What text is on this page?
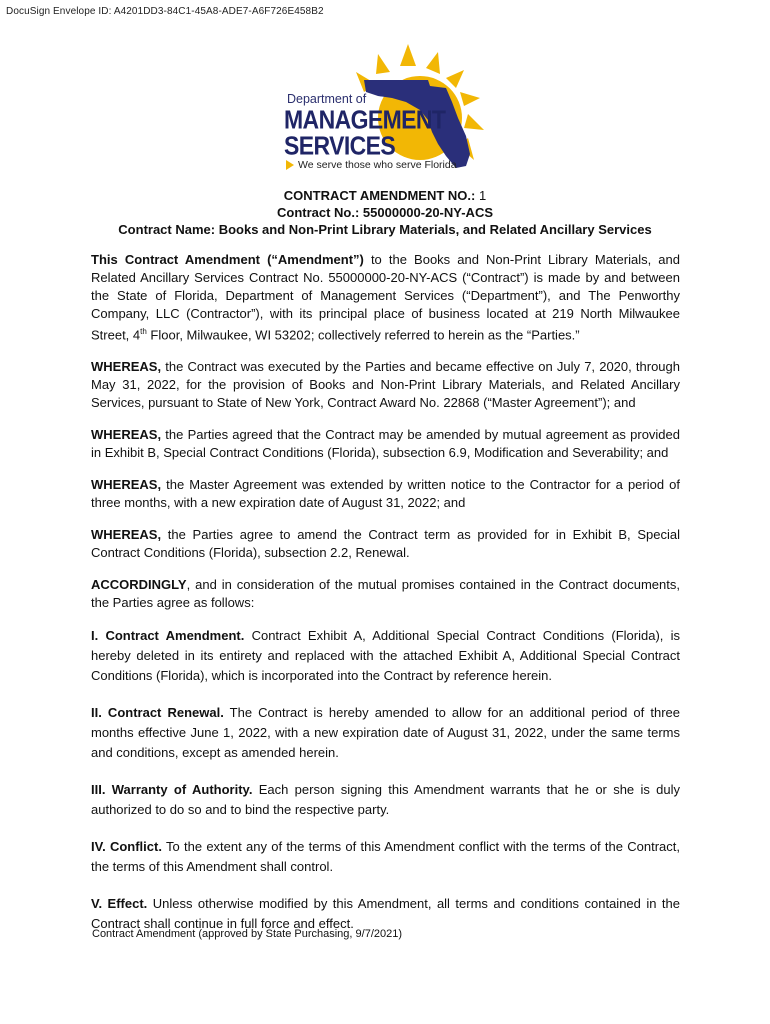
DocuSign Envelope ID: A4201DD3-84C1-45A8-ADE7-A6F726E458B2
Department of
MANAGEMENT
SERVICES
We serve those who serve Florida
CONTRACT AMENDMENT NO.: 1
Contract No.: 55000000-20-NY-ACS
Contract Name: Books and Non-Print Library Materials, and Related Ancillary Services

This Contract Amendment (“Amendment”) to the Books and Non-Print Library Materials, and Related Ancillary Services Contract No. 55000000-20-NY-ACS (“Contract”) is made by and between the State of Florida, Department of Management Services (“Department”), and The Penworthy Company, LLC (Contractor”), with its principal place of business located at 219 North Milwaukee Street, 4th Floor, Milwaukee, WI 53202; collectively referred to herein as the “Parties.”

WHEREAS, the Contract was executed by the Parties and became effective on July 7, 2020, through May 31, 2022, for the provision of Books and Non-Print Library Materials, and Related Ancillary Services, pursuant to State of New York, Contract Award No. 22868 (“Master Agreement”); and

WHEREAS, the Parties agreed that the Contract may be amended by mutual agreement as provided in Exhibit B, Special Contract Conditions (Florida), subsection 6.9, Modification and Severability; and

WHEREAS, the Master Agreement was extended by written notice to the Contractor for a period of three months, with a new expiration date of August 31, 2022; and

WHEREAS, the Parties agree to amend the Contract term as provided for in Exhibit B, Special Contract Conditions (Florida), subsection 2.2, Renewal.

ACCORDINGLY, and in consideration of the mutual promises contained in the Contract documents, the Parties agree as follows:

I. Contract Amendment. Contract Exhibit A, Additional Special Contract Conditions (Florida), is hereby deleted in its entirety and replaced with the attached Exhibit A, Additional Special Contract Conditions (Florida), which is incorporated into the Contract by reference herein.

II. Contract Renewal. The Contract is hereby amended to allow for an additional period of three months effective June 1, 2022, with a new expiration date of August 31, 2022, under the same terms and conditions, except as amended herein.

III. Warranty of Authority. Each person signing this Amendment warrants that he or she is duly authorized to do so and to bind the respective party.

IV. Conflict. To the extent any of the terms of this Amendment conflict with the terms of the Contract, the terms of this Amendment shall control.

V. Effect. Unless otherwise modified by this Amendment, all terms and conditions contained in the Contract shall continue in full force and effect.

Contract Amendment (approved by State Purchasing, 9/7/2021)
